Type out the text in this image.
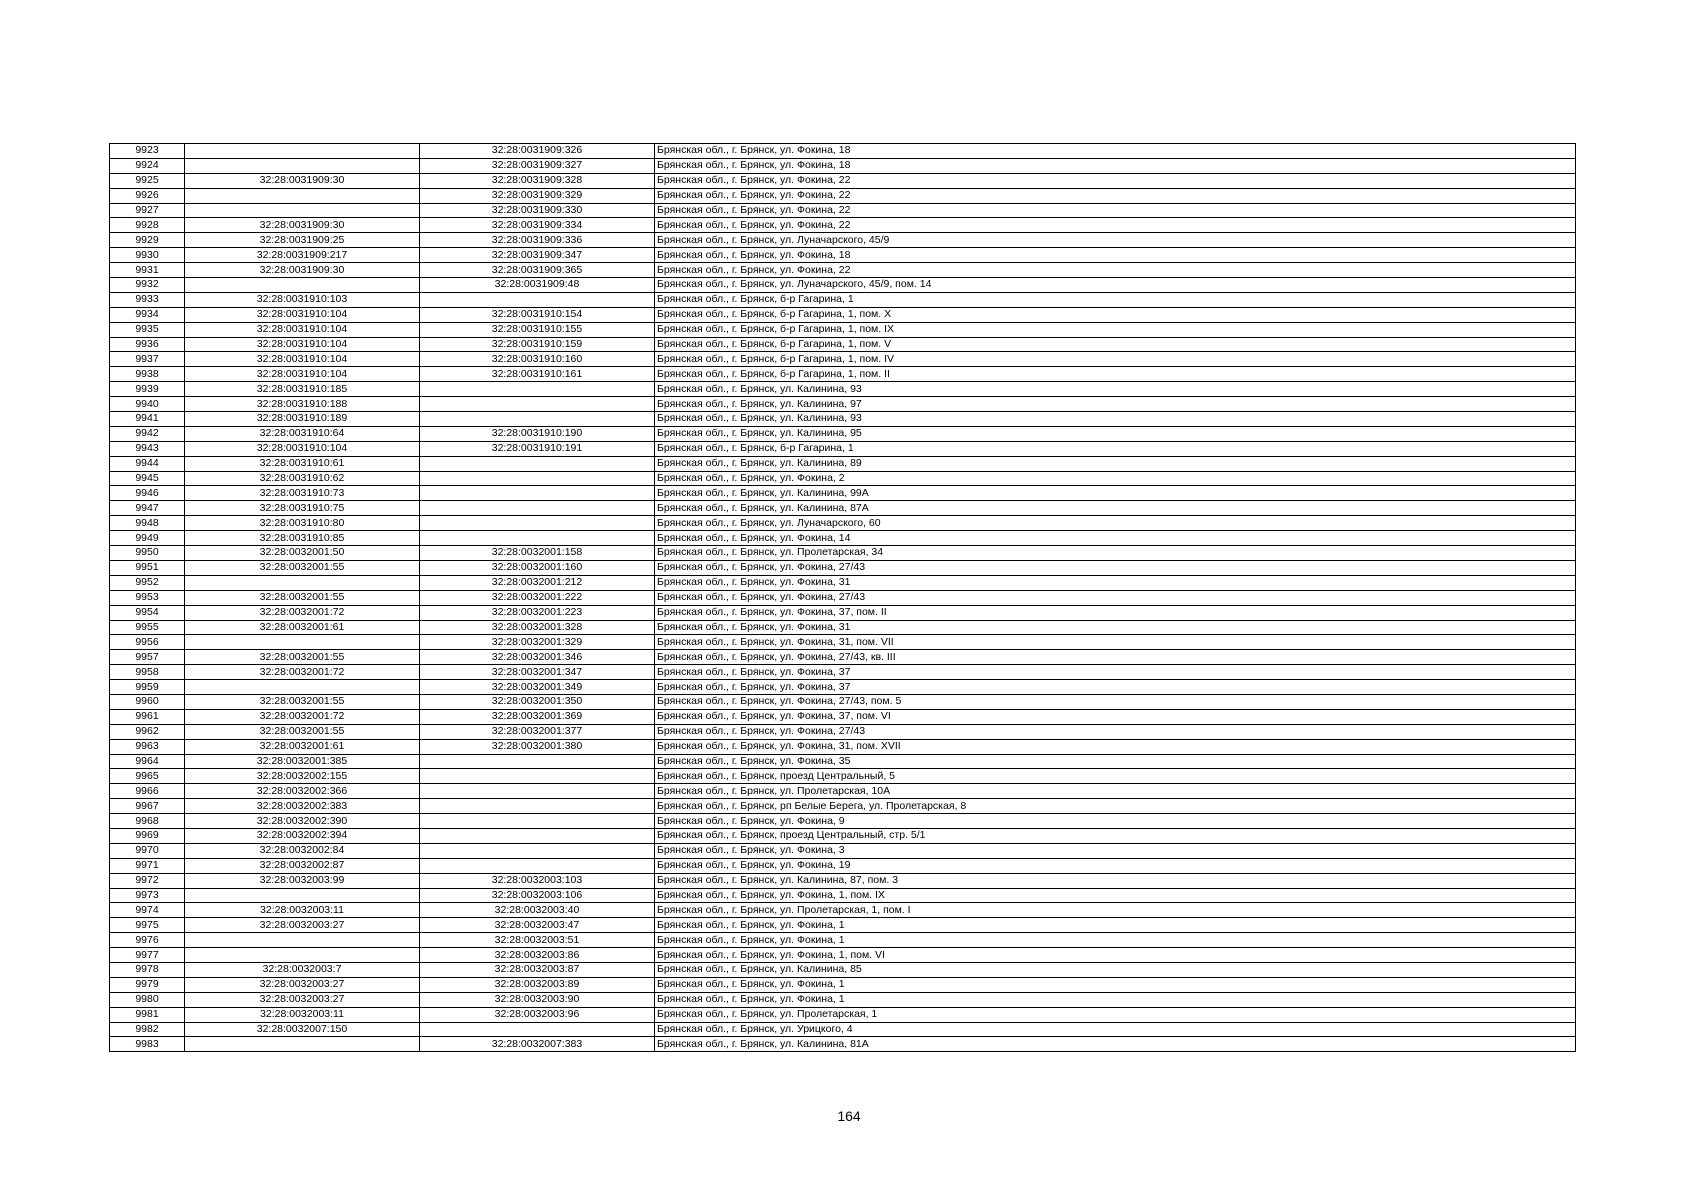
9923		32:28:0031909:326	Брянская обл., г. Брянск, ул. Фокина, 18
9924		32:28:0031909:327	Брянская обл., г. Брянск, ул. Фокина, 18
9925	32:28:0031909:30	32:28:0031909:328	Брянская обл., г. Брянск, ул. Фокина, 22
9926		32:28:0031909:329	Брянская обл., г. Брянск, ул. Фокина, 22
9927		32:28:0031909:330	Брянская обл., г. Брянск, ул. Фокина, 22
9928	32:28:0031909:30	32:28:0031909:334	Брянская обл., г. Брянск, ул. Фокина, 22
9929	32:28:0031909:25	32:28:0031909:336	Брянская обл., г. Брянск, ул. Луначарского, 45/9
9930	32:28:0031909:217	32:28:0031909:347	Брянская обл., г. Брянск, ул. Фокина, 18
9931	32:28:0031909:30	32:28:0031909:365	Брянская обл., г. Брянск, ул. Фокина, 22
9932		32:28:0031909:48	Брянская обл., г. Брянск, ул. Луначарского, 45/9, пом. 14
9933	32:28:0031910:103		Брянская обл., г. Брянск, б-р Гагарина, 1
9934	32:28:0031910:104	32:28:0031910:154	Брянская обл., г. Брянск, б-р Гагарина, 1, пом. X
9935	32:28:0031910:104	32:28:0031910:155	Брянская обл., г. Брянск, б-р Гагарина, 1, пом. IX
9936	32:28:0031910:104	32:28:0031910:159	Брянская обл., г. Брянск, б-р Гагарина, 1, пом. V
9937	32:28:0031910:104	32:28:0031910:160	Брянская обл., г. Брянск, б-р Гагарина, 1, пом. IV
9938	32:28:0031910:104	32:28:0031910:161	Брянская обл., г. Брянск, б-р Гагарина, 1, пом. II
9939	32:28:0031910:185		Брянская обл., г. Брянск, ул. Калинина, 93
9940	32:28:0031910:188		Брянская обл., г. Брянск, ул. Калинина, 97
9941	32:28:0031910:189		Брянская обл., г. Брянск, ул. Калинина, 93
9942	32:28:0031910:64	32:28:0031910:190	Брянская обл., г. Брянск, ул. Калинина, 95
9943	32:28:0031910:104	32:28:0031910:191	Брянская обл., г. Брянск, б-р Гагарина, 1
9944	32:28:0031910:61		Брянская обл., г. Брянск, ул. Калинина, 89
9945	32:28:0031910:62		Брянская обл., г. Брянск, ул. Фокина, 2
9946	32:28:0031910:73		Брянская обл., г. Брянск, ул. Калинина, 99А
9947	32:28:0031910:75		Брянская обл., г. Брянск, ул. Калинина, 87А
9948	32:28:0031910:80		Брянская обл., г. Брянск, ул. Луначарского, 60
9949	32:28:0031910:85		Брянская обл., г. Брянск, ул. Фокина, 14
9950	32:28:0032001:50	32:28:0032001:158	Брянская обл., г. Брянск, ул. Пролетарская, 34
9951	32:28:0032001:55	32:28:0032001:160	Брянская обл., г. Брянск, ул. Фокина, 27/43
9952		32:28:0032001:212	Брянская обл., г. Брянск, ул. Фокина, 31
9953	32:28:0032001:55	32:28:0032001:222	Брянская обл., г. Брянск, ул. Фокина, 27/43
9954	32:28:0032001:72	32:28:0032001:223	Брянская обл., г. Брянск, ул. Фокина, 37, пом. II
9955	32:28:0032001:61	32:28:0032001:328	Брянская обл., г. Брянск, ул. Фокина, 31
9956		32:28:0032001:329	Брянская обл., г. Брянск, ул. Фокина, 31, пом. VII
9957	32:28:0032001:55	32:28:0032001:346	Брянская обл., г. Брянск, ул. Фокина, 27/43, кв. III
9958	32:28:0032001:72	32:28:0032001:347	Брянская обл., г. Брянск, ул. Фокина, 37
9959		32:28:0032001:349	Брянская обл., г. Брянск, ул. Фокина, 37
9960	32:28:0032001:55	32:28:0032001:350	Брянская обл., г. Брянск, ул. Фокина, 27/43, пом. 5
9961	32:28:0032001:72	32:28:0032001:369	Брянская обл., г. Брянск, ул. Фокина, 37, пом. VI
9962	32:28:0032001:55	32:28:0032001:377	Брянская обл., г. Брянск, ул. Фокина, 27/43
9963	32:28:0032001:61	32:28:0032001:380	Брянская обл., г. Брянск, ул. Фокина, 31, пом. XVII
9964	32:28:0032001:385		Брянская обл., г. Брянск, ул. Фокина, 35
9965	32:28:0032002:155		Брянская обл., г. Брянск, проезд Центральный, 5
9966	32:28:0032002:366		Брянская обл., г. Брянск, ул. Пролетарская, 10А
9967	32:28:0032002:383		Брянская обл., г. Брянск, рп Белые Берега, ул. Пролетарская, 8
9968	32:28:0032002:390		Брянская обл., г. Брянск, ул. Фокина, 9
9969	32:28:0032002:394		Брянская обл., г. Брянск, проезд Центральный, стр. 5/1
9970	32:28:0032002:84		Брянская обл., г. Брянск, ул. Фокина, 3
9971	32:28:0032002:87		Брянская обл., г. Брянск, ул. Фокина, 19
9972	32:28:0032003:99	32:28:0032003:103	Брянская обл., г. Брянск, ул. Калинина, 87, пом. 3
9973		32:28:0032003:106	Брянская обл., г. Брянск, ул. Фокина, 1, пом. IX
9974	32:28:0032003:11	32:28:0032003:40	Брянская обл., г. Брянск, ул. Пролетарская, 1, пом. I
9975	32:28:0032003:27	32:28:0032003:47	Брянская обл., г. Брянск, ул. Фокина, 1
9976		32:28:0032003:51	Брянская обл., г. Брянск, ул. Фокина, 1
9977		32:28:0032003:86	Брянская обл., г. Брянск, ул. Фокина, 1, пом. VI
9978	32:28:0032003:7	32:28:0032003:87	Брянская обл., г. Брянск, ул. Калинина, 85
9979	32:28:0032003:27	32:28:0032003:89	Брянская обл., г. Брянск, ул. Фокина, 1
9980	32:28:0032003:27	32:28:0032003:90	Брянская обл., г. Брянск, ул. Фокина, 1
9981	32:28:0032003:11	32:28:0032003:96	Брянская обл., г. Брянск, ул. Пролетарская, 1
9982	32:28:0032007:150		Брянская обл., г. Брянск, ул. Урицкого, 4
9983		32:28:0032007:383	Брянская обл., г. Брянск, ул. Калинина, 81А
164
